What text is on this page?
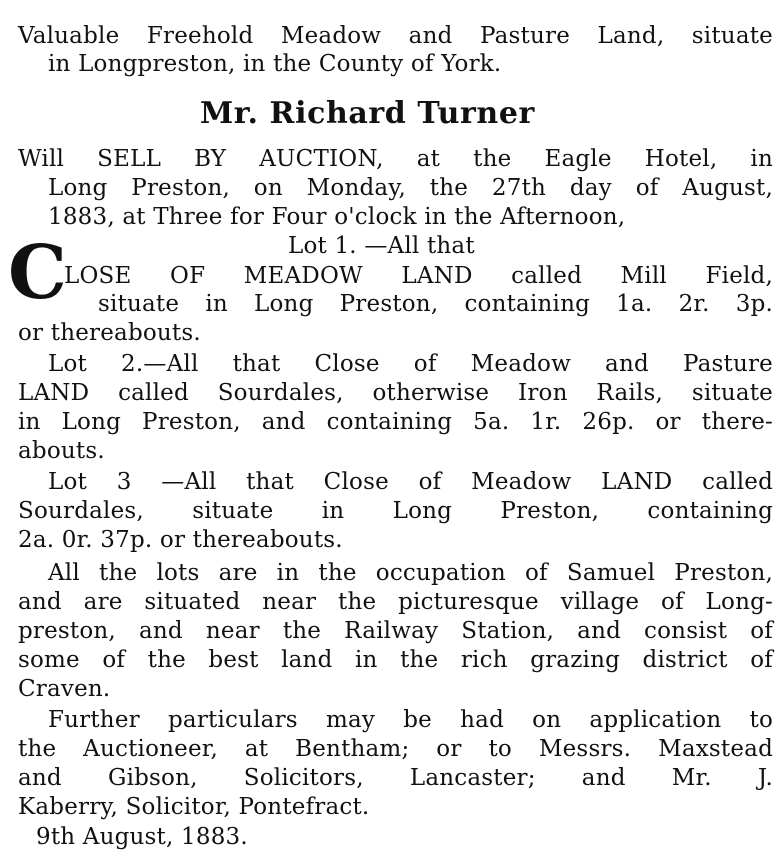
Valuable Freehold Meadow and Pasture Land, situate
in Longpreston, in the County of York.
Mr. Richard Turner
Will SELL BY AUCTION, at the Eagle Hotel, in
Long Preston, on Monday, the 27th day of August,
1883, at Three for Four o'clock in the Afternoon,
Lot 1. —All that
C
LOSE OF MEADOW LAND called Mill Field,
situate in Long Preston, containing 1a. 2r. 3p.
or thereabouts.
Lot 2.—All that Close of Meadow and Pasture
LAND called Sourdales, otherwise Iron Rails, situate
in Long Preston, and containing 5a. 1r. 26p. or there-
abouts.
Lot 3 —All that Close of Meadow LAND called
Sourdales, situate in Long Preston, containing
2a. 0r. 37p. or thereabouts.
All the lots are in the occupation of Samuel Preston,
and are situated near the picturesque village of Long-
preston, and near the Railway Station, and consist of
some of the best land in the rich grazing district of
Craven.
Further particulars may be had on application to
the Auctioneer, at Bentham; or to Messrs. Maxstead
and Gibson, Solicitors, Lancaster; and Mr. J.
Kaberry, Solicitor, Pontefract.
9th August, 1883.
